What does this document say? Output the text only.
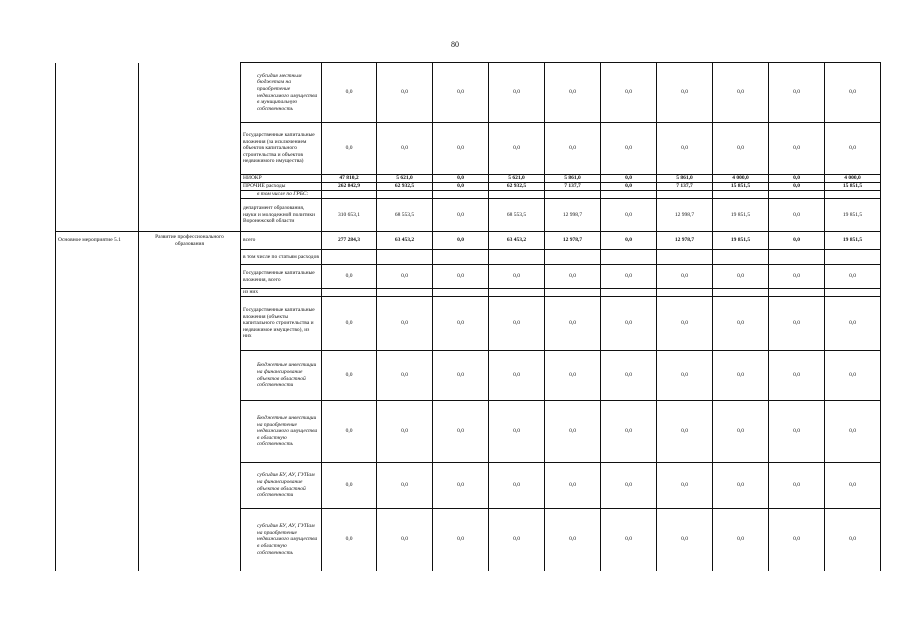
80
		субсидия местным бюджетам на приобретение недвижимого имущества в муниципальную собственность	0,0	0,0	0,0	0,0	0,0	0,0	0,0	0,0	0,0	0,0
		Государственные капитальные вложения (за исключением объектов капитального строительства и объектов недвижимого имущества)	0,0	0,0	0,0	0,0	0,0	0,0	0,0	0,0	0,0	0,0
		НИОКР	47 810,2	5 621,0	0,0	5 621,0	5 861,0	0,0	5 861,0	4 000,0	0,0	4 000,0
		ПРОЧИЕ расходы	262 842,9	62 932,5	0,0	62 932,5	7 137,7	0,0	7 137,7	15 851,5	0,0	15 851,5
		в том числе по ГРБС:										
		департамент образования, науки и молодежной политики Воронежской области	310 653,1	68 553,5	0,0	68 553,5	12 998,7	0,0	12 998,7	19 851,5	0,0	19 851,5
Основное мероприятие 5.1	Развитие профессионального образования	всего	277 284,3	63 453,2	0,0	63 453,2	12 978,7	0,0	12 978,7	19 851,5	0,0	19 851,5
		в том числе по статьям расходов										
		Государственные капитальные вложения, всего	0,0	0,0	0,0	0,0	0,0	0,0	0,0	0,0	0,0	0,0
		из них										
		Государственные капитальные вложения (объекты капитального строительства и недвижимое имущество), из них	0,0	0,0	0,0	0,0	0,0	0,0	0,0	0,0	0,0	0,0
		Бюджетные инвестиции на финансирование объектов областной собственности	0,0	0,0	0,0	0,0	0,0	0,0	0,0	0,0	0,0	0,0
		Бюджетные инвестиции на приобретение недвижимого имущества в областную собственность	0,0	0,0	0,0	0,0	0,0	0,0	0,0	0,0	0,0	0,0
		субсидия БУ, АУ, ГУПам на финансирование объектов областной собственности	0,0	0,0	0,0	0,0	0,0	0,0	0,0	0,0	0,0	0,0
		субсидия БУ, АУ, ГУПам на приобретение недвижимого имущества в областную собственность	0,0	0,0	0,0	0,0	0,0	0,0	0,0	0,0	0,0	0,0
